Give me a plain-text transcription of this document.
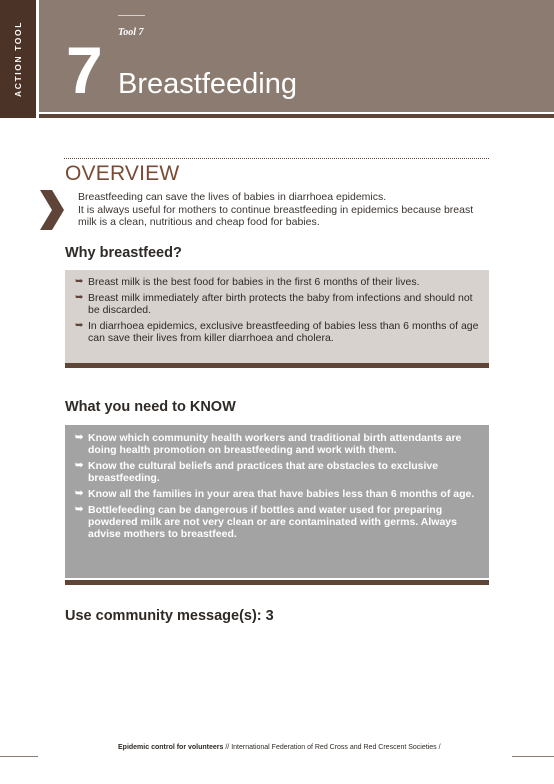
ACTION TOOL	Tool 7
7 Breastfeeding
OVERVIEW

Breastfeeding can save the lives of babies in diarrhoea epidemics.

It is always useful for mothers to continue breastfeeding in epidemics because breast milk is a clean, nutritious and cheap food for babies.

Why breastfeed?
➥ Breast milk is the best food for babies in the first 6 months of their lives.
➥ Breast milk immediately after birth protects the baby from infections and should not be discarded.
➥ In diarrhoea epidemics, exclusive breastfeeding of babies less than 6 months of age can save their lives from killer diarrhoea and cholera.
What you need to KNOW
➥ Know which community health workers and traditional birth attendants are doing health promotion on breastfeeding and work with them.
➥ Know the cultural beliefs and practices that are obstacles to exclusive breastfeeding.
➥ Know all the families in your area that have babies less than 6 months of age.
➥ Bottlefeeding can be dangerous if bottles and water used for preparing powdered milk are not very clean or are contaminated with germs. Always advise mothers to breastfeed.
Use community message(s): 3
Epidemic control for volunteers // International Federation of Red Cross and Red Crescent Societies /
